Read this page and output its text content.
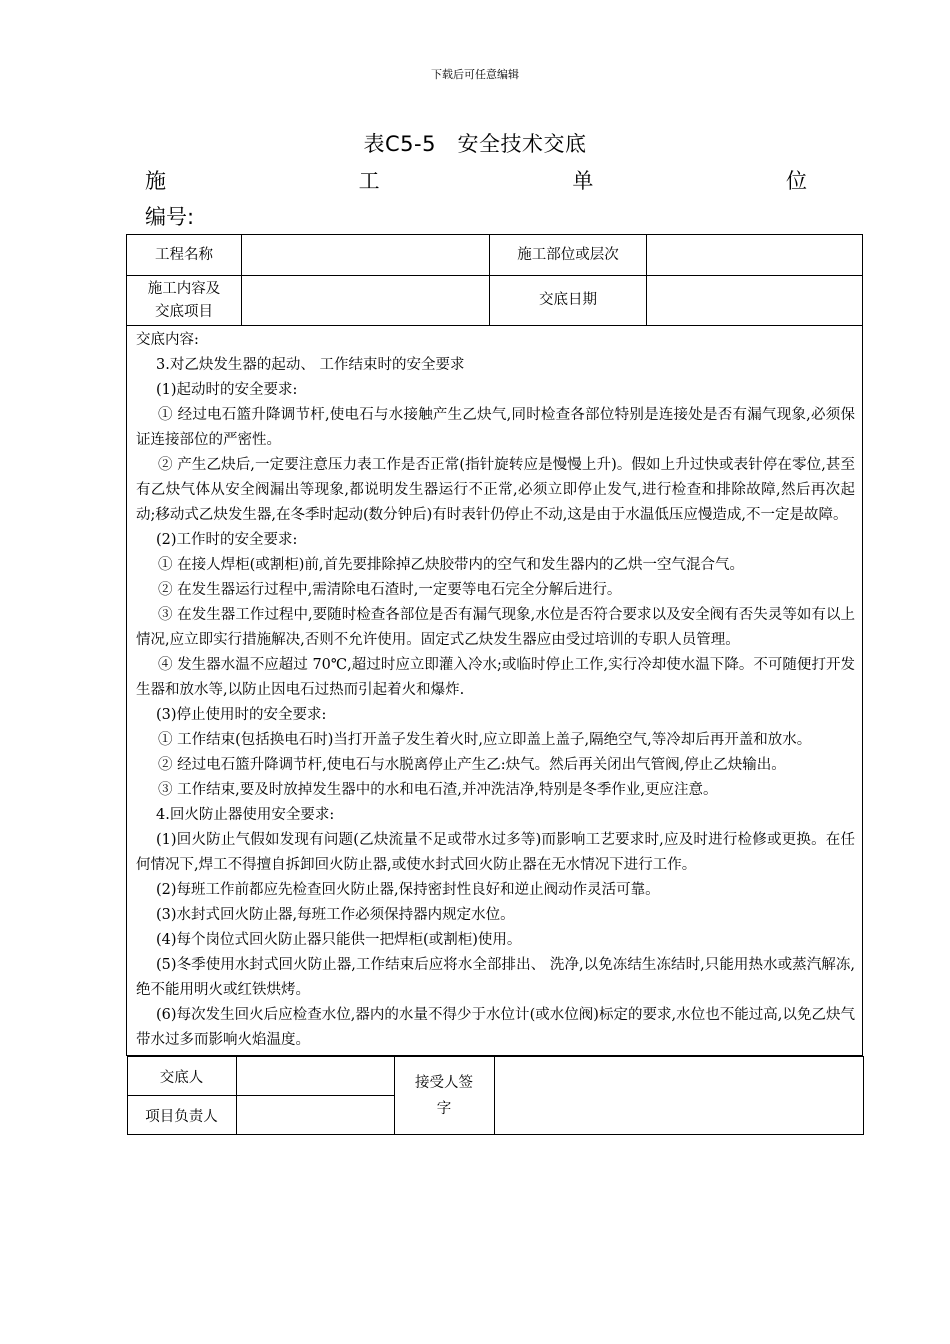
下载后可任意编辑
表C5-5　安全技术交底
施	工	单	位
编号:
工程名称		施工部位或层次	

施工内容及
交底项目
		交底日期	

交底内容:

3.对乙炔发生器的起动、 工作结束时的安全要求

(1)起动时的安全要求:

① 经过电石篮升降调节杆,使电石与水接触产生乙炔气,同时检查各部位特别是连接处是否有漏气现象,必须保证连接部位的严密性。

② 产生乙炔后,一定要注意压力表工作是否正常(指针旋转应是慢慢上升)。假如上升过快或表针停在零位,甚至有乙炔气体从安全阀漏出等现象,都说明发生器运行不正常,必须立即停止发气,进行检查和排除故障,然后再次起动;移动式乙炔发生器,在冬季时起动(数分钟后)有时表针仍停止不动,这是由于水温低压应慢造成,不一定是故障。

(2)工作时的安全要求:

① 在接人焊柜(或割柜)前,首先要排除掉乙炔胶带内的空气和发生器内的乙烘一空气混合气。

② 在发生器运行过程中,需清除电石渣时,一定要等电石完全分解后进行。

③ 在发生器工作过程中,要随时检查各部位是否有漏气现象,水位是否符合要求以及安全阀有否失灵等如有以上情况,应立即实行措施解决,否则不允许使用。固定式乙炔发生器应由受过培训的专职人员管理。

④ 发生器水温不应超过 70℃,超过时应立即灌入冷水;或临时停止工作,实行冷却使水温下降。不可随便打开发生器和放水等,以防止因电石过热而引起着火和爆炸.

(3)停止使用时的安全要求:

① 工作结束(包括换电石时)当打开盖子发生着火时,应立即盖上盖子,隔绝空气,等冷却后再开盖和放水。

② 经过电石篮升降调节杆,使电石与水脱离停止产生乙:炔气。然后再关闭出气管阀,停止乙炔输出。

③ 工作结束,要及时放掉发生器中的水和电石渣,并冲洗洁净,特别是冬季作业,更应注意。

4.回火防止器使用安全要求:

(1)回火防止气假如发现有问题(乙炔流量不足或带水过多等)而影响工艺要求时,应及时进行检修或更换。在任何情况下,焊工不得擅自拆卸回火防止器,或使水封式回火防止器在无水情况下进行工作。

(2)每班工作前都应先检查回火防止器,保持密封性良好和逆止阀动作灵活可靠。

(3)水封式回火防止器,每班工作必须保持器内规定水位。

(4)每个岗位式回火防止器只能供一把焊柜(或割柜)使用。

(5)冬季使用水封式回火防止器,工作结束后应将水全部排出、 洗净,以免冻结生冻结时,只能用热水或蒸汽解冻,绝不能用明火或红铁烘烤。

(6)每次发生回火后应检查水位,器内的水量不得少于水位计(或水位阀)标定的要求,水位也不能过高,以免乙炔气带水过多而影响火焰温度。

交底人		接受人签
字

项目负责人	
